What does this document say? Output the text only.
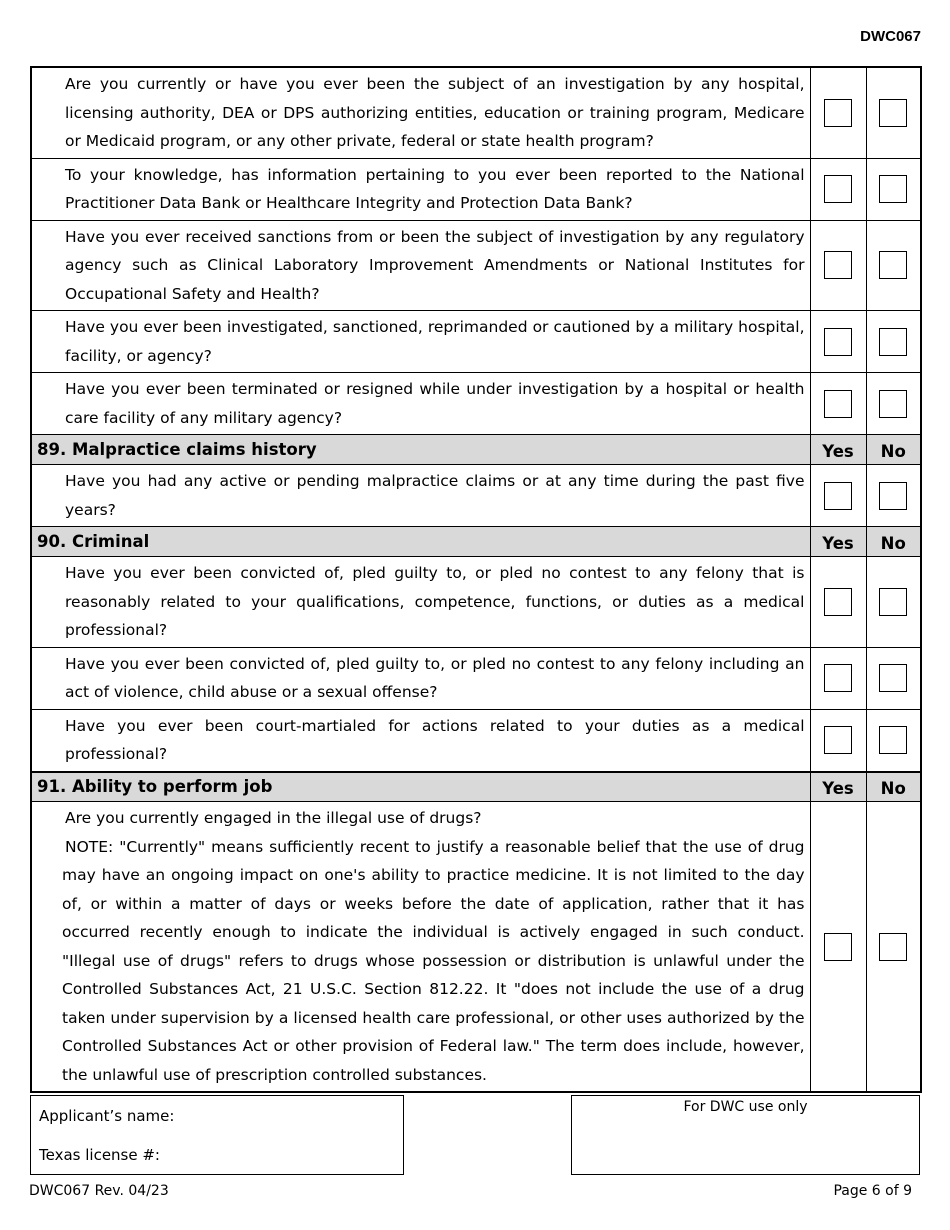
DWC067
Are you currently or have you ever been the subject of an investigation by any hospital, licensing authority, DEA or DPS authorizing entities, education or training program, Medicare or Medicaid program, or any other private, federal or state health program?		
To your knowledge, has information pertaining to you ever been reported to the National Practitioner Data Bank or Healthcare Integrity and Protection Data Bank?		
Have you ever received sanctions from or been the subject of investigation by any regulatory agency such as Clinical Laboratory Improvement Amendments or National Institutes for Occupational Safety and Health?		
Have you ever been investigated, sanctioned, reprimanded or cautioned by a military hospital, facility, or agency?		
Have you ever been terminated or resigned while under investigation by a hospital or health care facility of any military agency?		
89. Malpractice claims history	Yes	No
Have you had any active or pending malpractice claims or at any time during the past five years?		
90. Criminal	Yes	No
Have you ever been convicted of, pled guilty to, or pled no contest to any felony that is reasonably related to your qualifications, competence, functions, or duties as a medical professional?		
Have you ever been convicted of, pled guilty to, or pled no contest to any felony including an act of violence, child abuse or a sexual offense?		
Have you ever been court-martialed for actions related to your duties as a medical professional?		
91. Ability to perform job	Yes	No
Are you currently engaged in the illegal use of drugs?
NOTE: "Currently" means sufficiently recent to justify a reasonable belief that the use of drug may have an ongoing impact on one's ability to practice medicine. It is not limited to the day of, or within a matter of days or weeks before the date of application, rather that it has occurred recently enough to indicate the individual is actively engaged in such conduct. "Illegal use of drugs" refers to drugs whose possession or distribution is unlawful under the Controlled Substances Act, 21 U.S.C. Section 812.22. It "does not include the use of a drug taken under supervision by a licensed health care professional, or other uses authorized by the Controlled Substances Act or other provision of Federal law." The term does include, however, the unlawful use of prescription controlled substances.		

Applicant’s name:
Texas license #:
For DWC use only
DWC067 Rev. 04/23	Page 6 of 9
